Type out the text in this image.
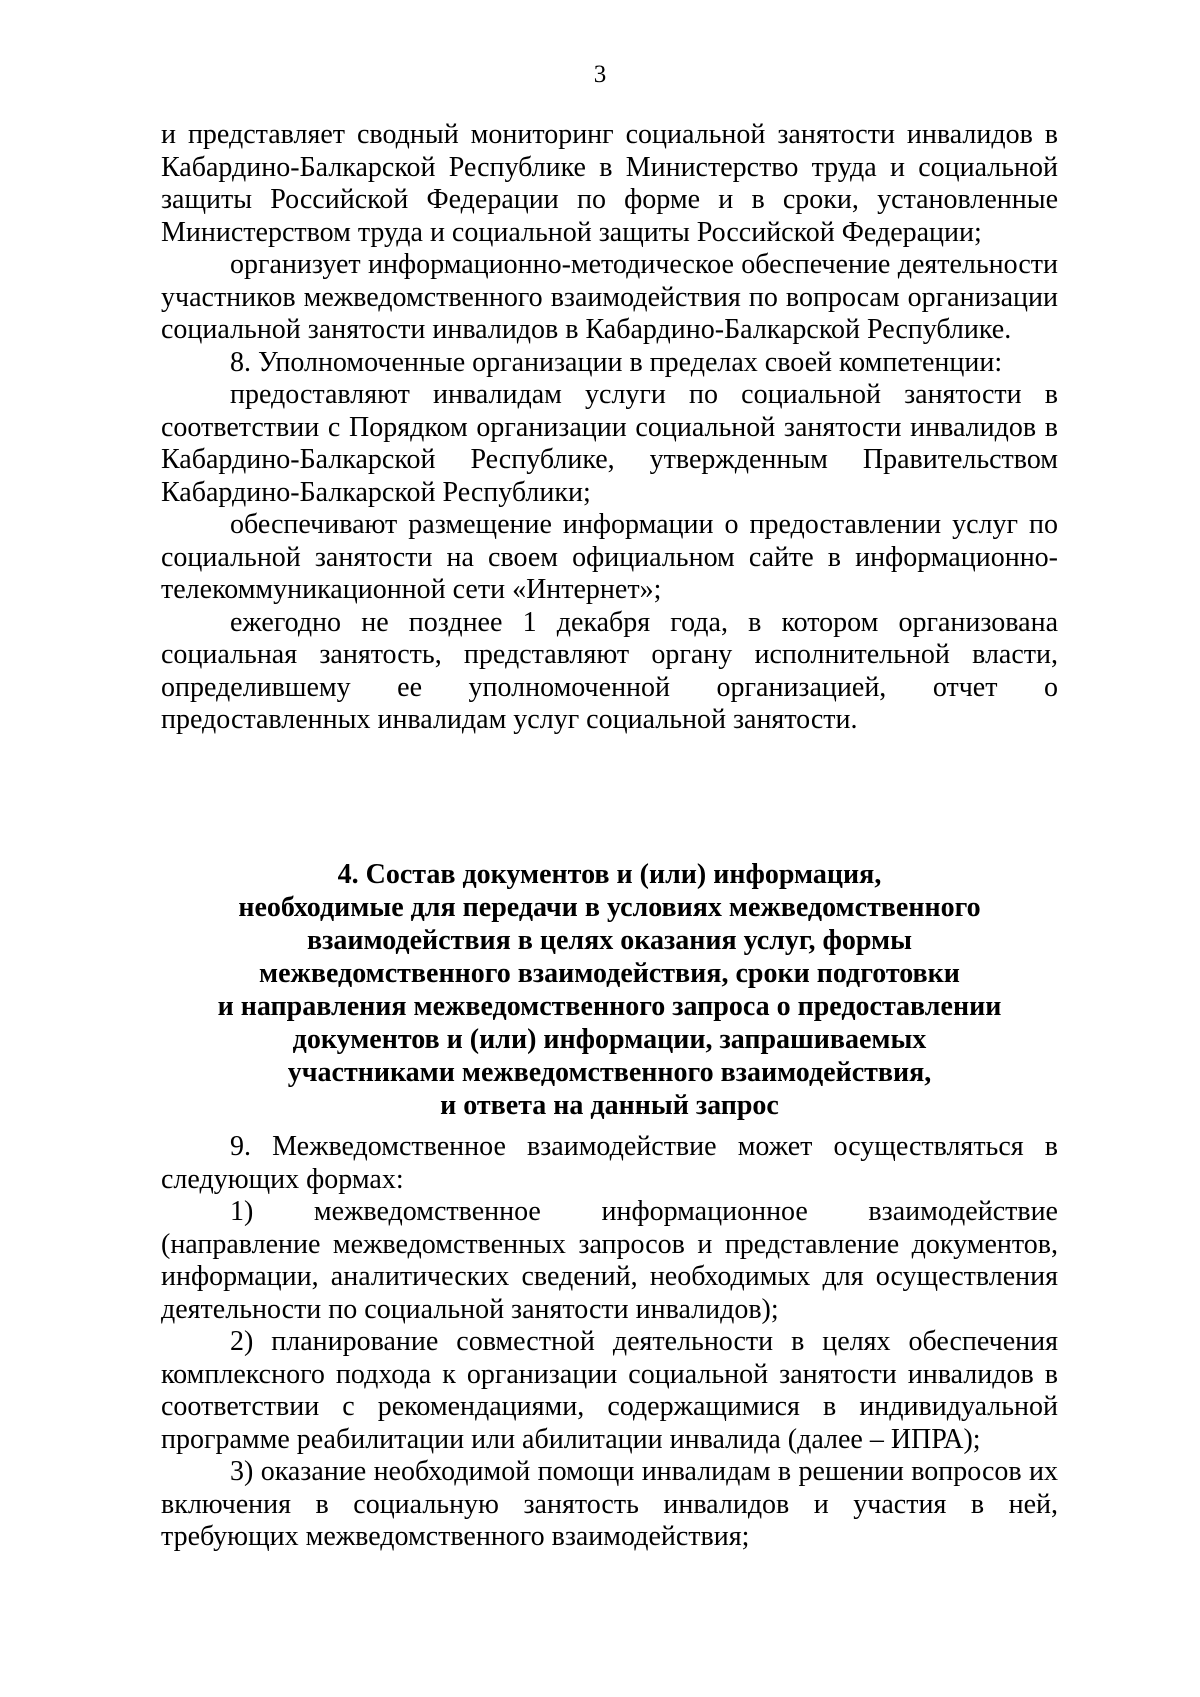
3

и представляет сводный мониторинг социальной занятости инвалидов в Кабардино-Балкарской Республике в Министерство труда и социальной защиты Российской Федерации по форме и в сроки, установленные Министерством труда и социальной защиты Российской Федерации;

организует информационно-методическое обеспечение деятельности участников межведомственного взаимодействия по вопросам организации социальной занятости инвалидов в Кабардино-Балкарской Республике.

8. Уполномоченные организации в пределах своей компетенции:

предоставляют инвалидам услуги по социальной занятости в соответствии с Порядком организации социальной занятости инвалидов в Кабардино-Балкарской Республике, утвержденным Правительством Кабардино-Балкарской Республики;

обеспечивают размещение информации о предоставлении услуг по социальной занятости на своем официальном сайте в информационно-телекоммуникационной сети «Интернет»;

ежегодно не позднее 1 декабря года, в котором организована социальная занятость, представляют органу исполнительной власти, определившему ее уполномоченной организацией, отчет о предоставленных инвалидам услуг социальной занятости.

4. Состав документов и (или) информация,
необходимые для передачи в условиях межведомственного
взаимодействия в целях оказания услуг, формы
межведомственного взаимодействия, сроки подготовки
и направления межведомственного запроса о предоставлении
документов и (или) информации, запрашиваемых
участниками межведомственного взаимодействия,
и ответа на данный запрос

9. Межведомственное взаимодействие может осуществляться в следующих формах:

1) межведомственное информационное взаимодействие (направление межведомственных запросов и представление документов, информации, аналитических сведений, необходимых для осуществления деятельности по социальной занятости инвалидов);

2) планирование совместной деятельности в целях обеспечения комплексного подхода к организации социальной занятости инвалидов в соответствии с рекомендациями, содержащимися в индивидуальной программе реабилитации или абилитации инвалида (далее – ИПРА);

3) оказание необходимой помощи инвалидам в решении вопросов их включения в социальную занятость инвалидов и участия в ней, требующих межведомственного взаимодействия;
